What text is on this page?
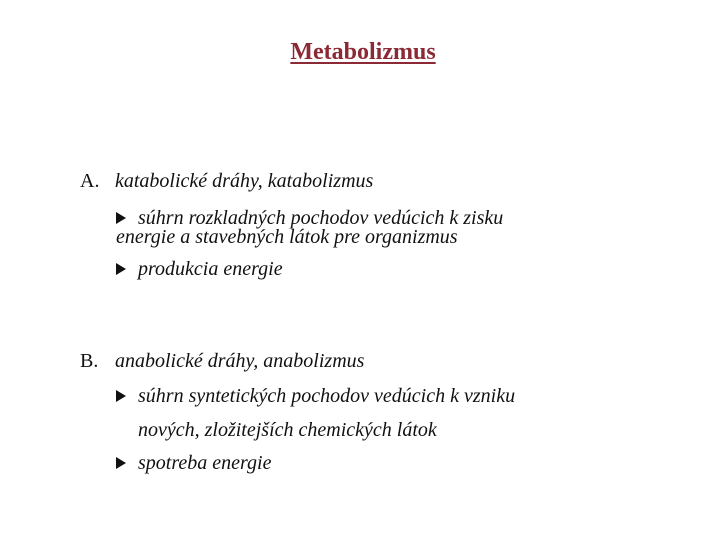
Metabolizmus
A. katabolické dráhy, katabolizmus
súhrn rozkladných pochodov vedúcich k zisku
energie a stavebných látok pre organizmus
produkcia energie
B. anabolické dráhy, anabolizmus
súhrn syntetických pochodov vedúcich k vzniku
nových, zložitejších chemických látok
spotreba energie
